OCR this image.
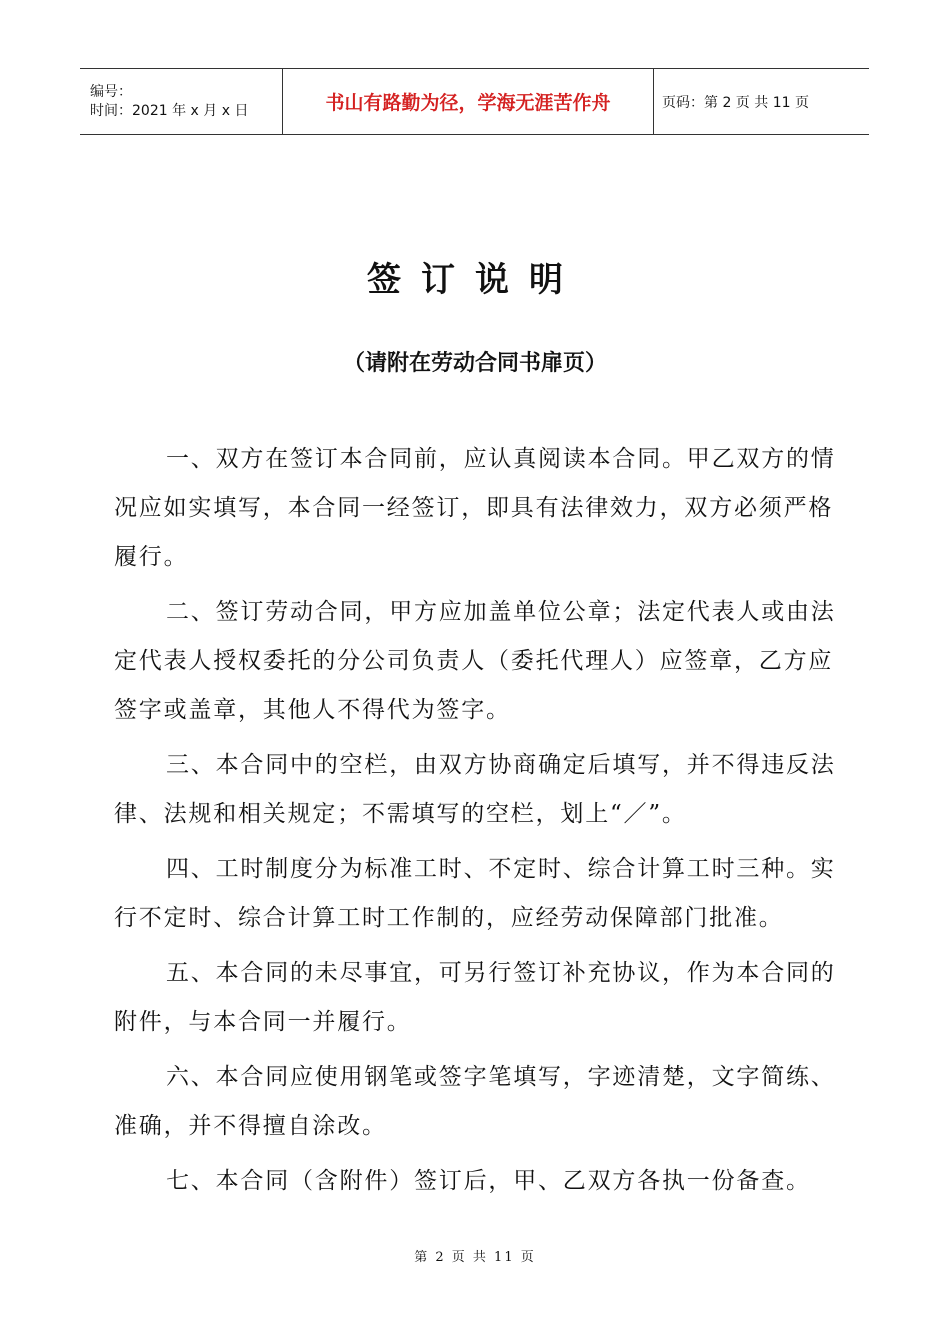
编号：
时间：2021 年 x 月 x 日	书山有路勤为径，学海无涯苦作舟	页码：第 2 页 共 11 页
签订说明
（请附在劳动合同书扉页）

一、双方在签订本合同前，应认真阅读本合同。甲乙双方的情况应如实填写，本合同一经签订，即具有法律效力，双方必须严格履行。

二、签订劳动合同，甲方应加盖单位公章；法定代表人或由法定代表人授权委托的分公司负责人（委托代理人）应签章，乙方应签字或盖章，其他人不得代为签字。

三、本合同中的空栏，由双方协商确定后填写，并不得违反法律、法规和相关规定；不需填写的空栏，划上“／”。

四、工时制度分为标准工时、不定时、综合计算工时三种。实行不定时、综合计算工时工作制的，应经劳动保障部门批准。

五、本合同的未尽事宜，可另行签订补充协议，作为本合同的附件，与本合同一并履行。

六、本合同应使用钢笔或签字笔填写，字迹清楚，文字简练、准确，并不得擅自涂改。

七、本合同（含附件）签订后，甲、乙双方各执一份备查。

第 2 页 共 11 页
